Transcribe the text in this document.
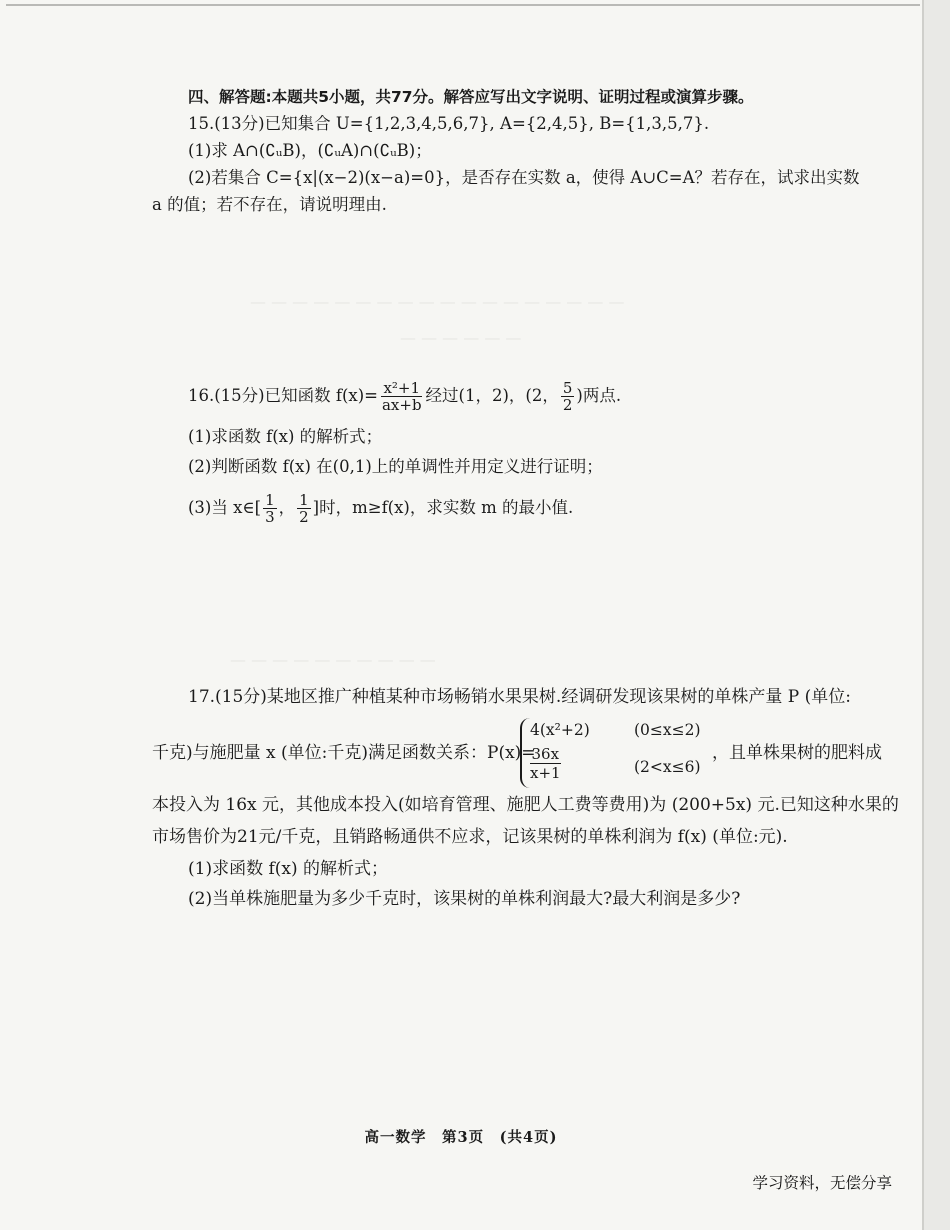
— — — — — — — — — — — — — — — — — —
— — — — — —
— — — — — — — — — —
四、解答题:本题共5小题，共77分。解答应写出文字说明、证明过程或演算步骤。
15.(13分)已知集合 U={1,2,3,4,5,6,7}, A={2,4,5}, B={1,3,5,7}.
(1)求 A∩(∁ᵤB)，(∁ᵤA)∩(∁ᵤB)；
(2)若集合 C={x|(x−2)(x−a)=0}，是否存在实数 a，使得 A∪C=A？若存在，试求出实数
a 的值；若不存在，请说明理由.
16.(15分)已知函数 $f(x)= \frac{\text{x²+1}}{ax+b}$ 经过(1，2)，(2， $\frac{5}{2}$ )两点.
(1)求函数 f(x) 的解析式；
(2)判断函数 f(x) 在(0,1)上的单调性并用定义进行证明；
(3)当 x∈[ $\frac{1}{3}$ ， $\frac{1}{2}$ ]时，m≥f(x)，求实数 m 的最小值.
17.(15分)某地区推广种植某种市场畅销水果果树.经调研发现该果树的单株产量 P (单位:
千克)与施肥量 x (单位:千克)满足函数关系：P(x)=
4(x²+2)	(0≤x≤2)
$\frac{36x}{x+1}$	(2<x≤6)
，且单株果树的肥料成
本投入为 16x 元，其他成本投入(如培育管理、施肥人工费等费用)为 (200+5x) 元.已知这种水果的
市场售价为21元/千克，且销路畅通供不应求，记该果树的单株利润为 f(x) (单位:元).
(1)求函数 f(x) 的解析式；
(2)当单株施肥量为多少千克时，该果树的单株利润最大?最大利润是多少?
高一数学　第3页　(共4页)
学习资料，无偿分享
